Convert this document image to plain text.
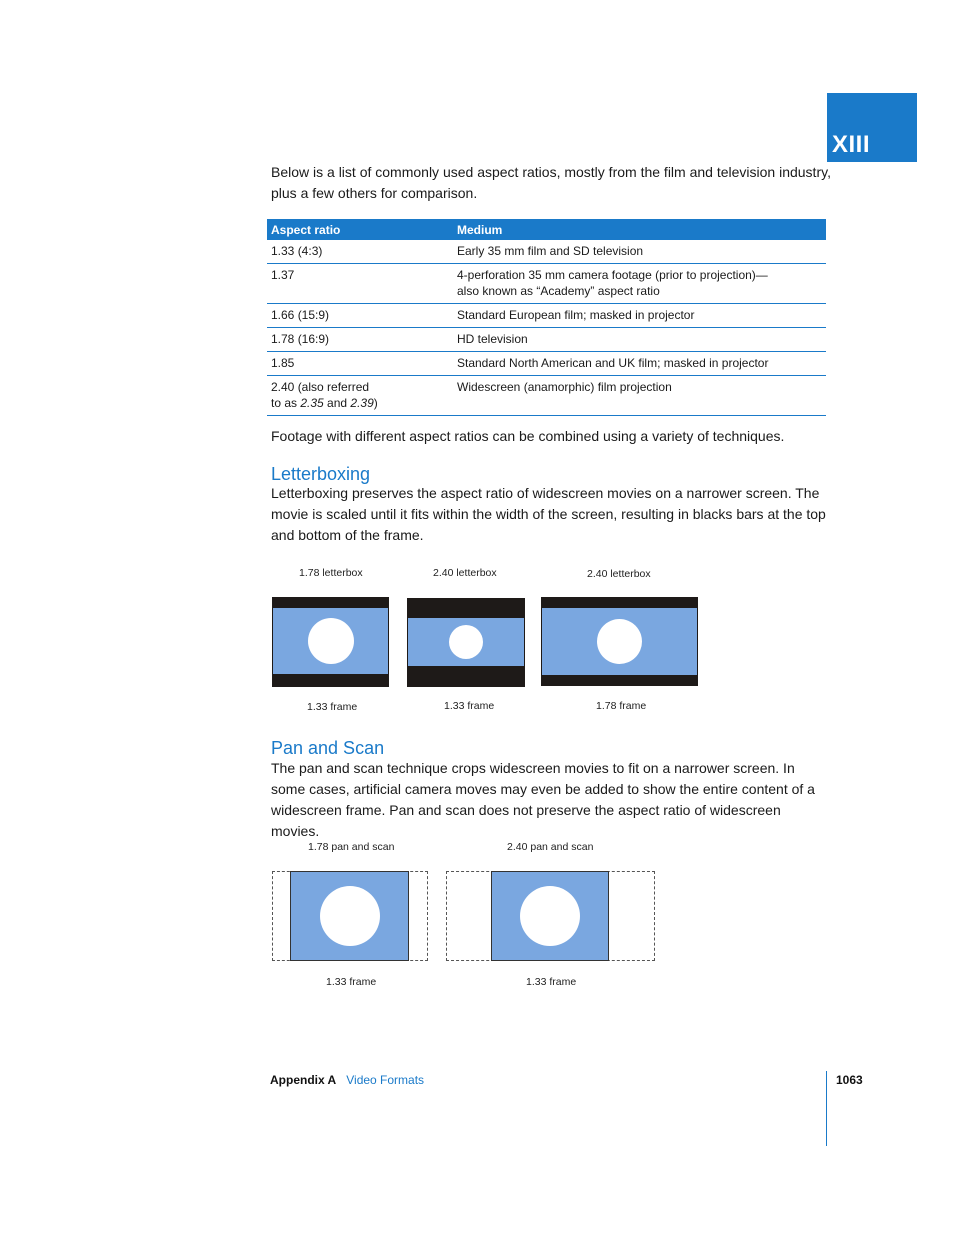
XIII
Below is a list of commonly used aspect ratios, mostly from the film and television industry, plus a few others for comparison.
Aspect ratio	Medium
1.33 (4:3)	Early 35 mm film and SD television
1.37	4-perforation 35 mm camera footage (prior to projection)—
also known as “Academy” aspect ratio
1.66 (15:9)	Standard European film; masked in projector
1.78 (16:9)	HD television
1.85	Standard North American and UK film; masked in projector
2.40 (also referred
to as 2.35 and 2.39)	Widescreen (anamorphic) film projection
Footage with different aspect ratios can be combined using a variety of techniques.
Letterboxing
Letterboxing preserves the aspect ratio of widescreen movies on a narrower screen. The movie is scaled until it fits within the width of the screen, resulting in blacks bars at the top and bottom of the frame.
1.78 letterbox
1.33 frame
2.40 letterbox
1.33 frame
2.40 letterbox
1.78 frame
Pan and Scan
The pan and scan technique crops widescreen movies to fit on a narrower screen. In some cases, artificial camera moves may even be added to show the entire content of a widescreen frame. Pan and scan does not preserve the aspect ratio of widescreen movies.
1.78 pan and scan
1.33 frame
2.40 pan and scan
1.33 frame
Appendix A Video Formats	1063
